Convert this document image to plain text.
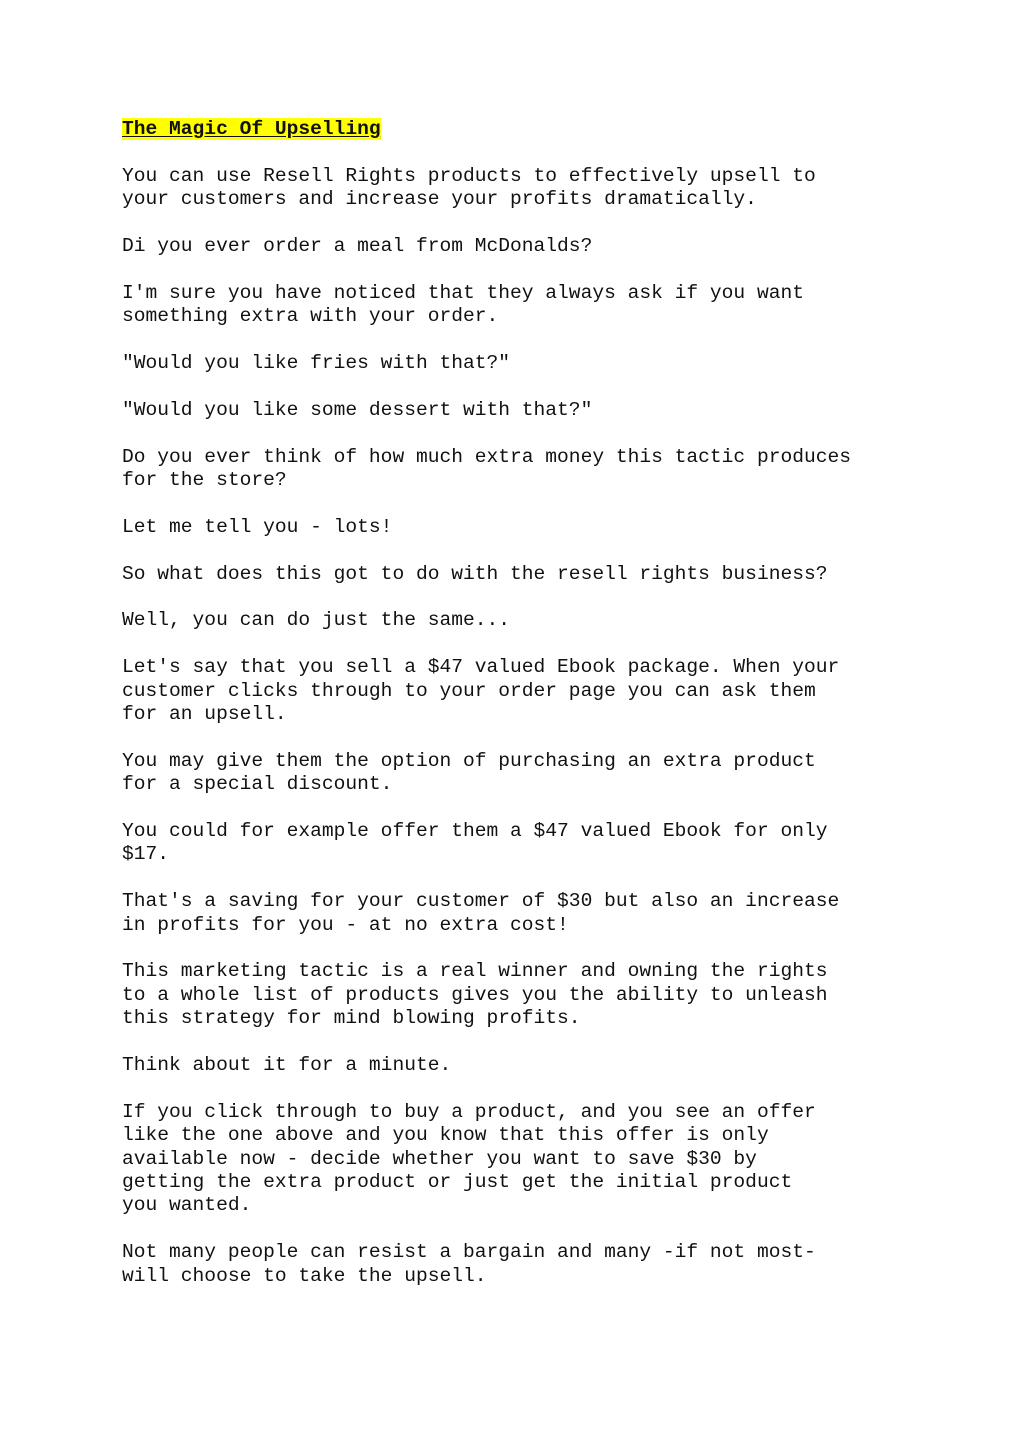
The Magic Of Upselling

You can use Resell Rights products to effectively upsell to
your customers and increase your profits dramatically.

Di you ever order a meal from McDonalds?

I'm sure you have noticed that they always ask if you want
something extra with your order.

"Would you like fries with that?"

"Would you like some dessert with that?"

Do you ever think of how much extra money this tactic produces
for the store?

Let me tell you - lots!

So what does this got to do with the resell rights business?

Well, you can do just the same...

Let's say that you sell a $47 valued Ebook package. When your
customer clicks through to your order page you can ask them
for an upsell.

You may give them the option of purchasing an extra product
for a special discount.

You could for example offer them a $47 valued Ebook for only
$17.

That's a saving for your customer of $30 but also an increase
in profits for you - at no extra cost!

This marketing tactic is a real winner and owning the rights
to a whole list of products gives you the ability to unleash
this strategy for mind blowing profits.

Think about it for a minute.

If you click through to buy a product, and you see an offer
like the one above and you know that this offer is only
available now - decide whether you want to save $30 by
getting the extra product or just get the initial product
you wanted.

Not many people can resist a bargain and many -if not most-
will choose to take the upsell.
